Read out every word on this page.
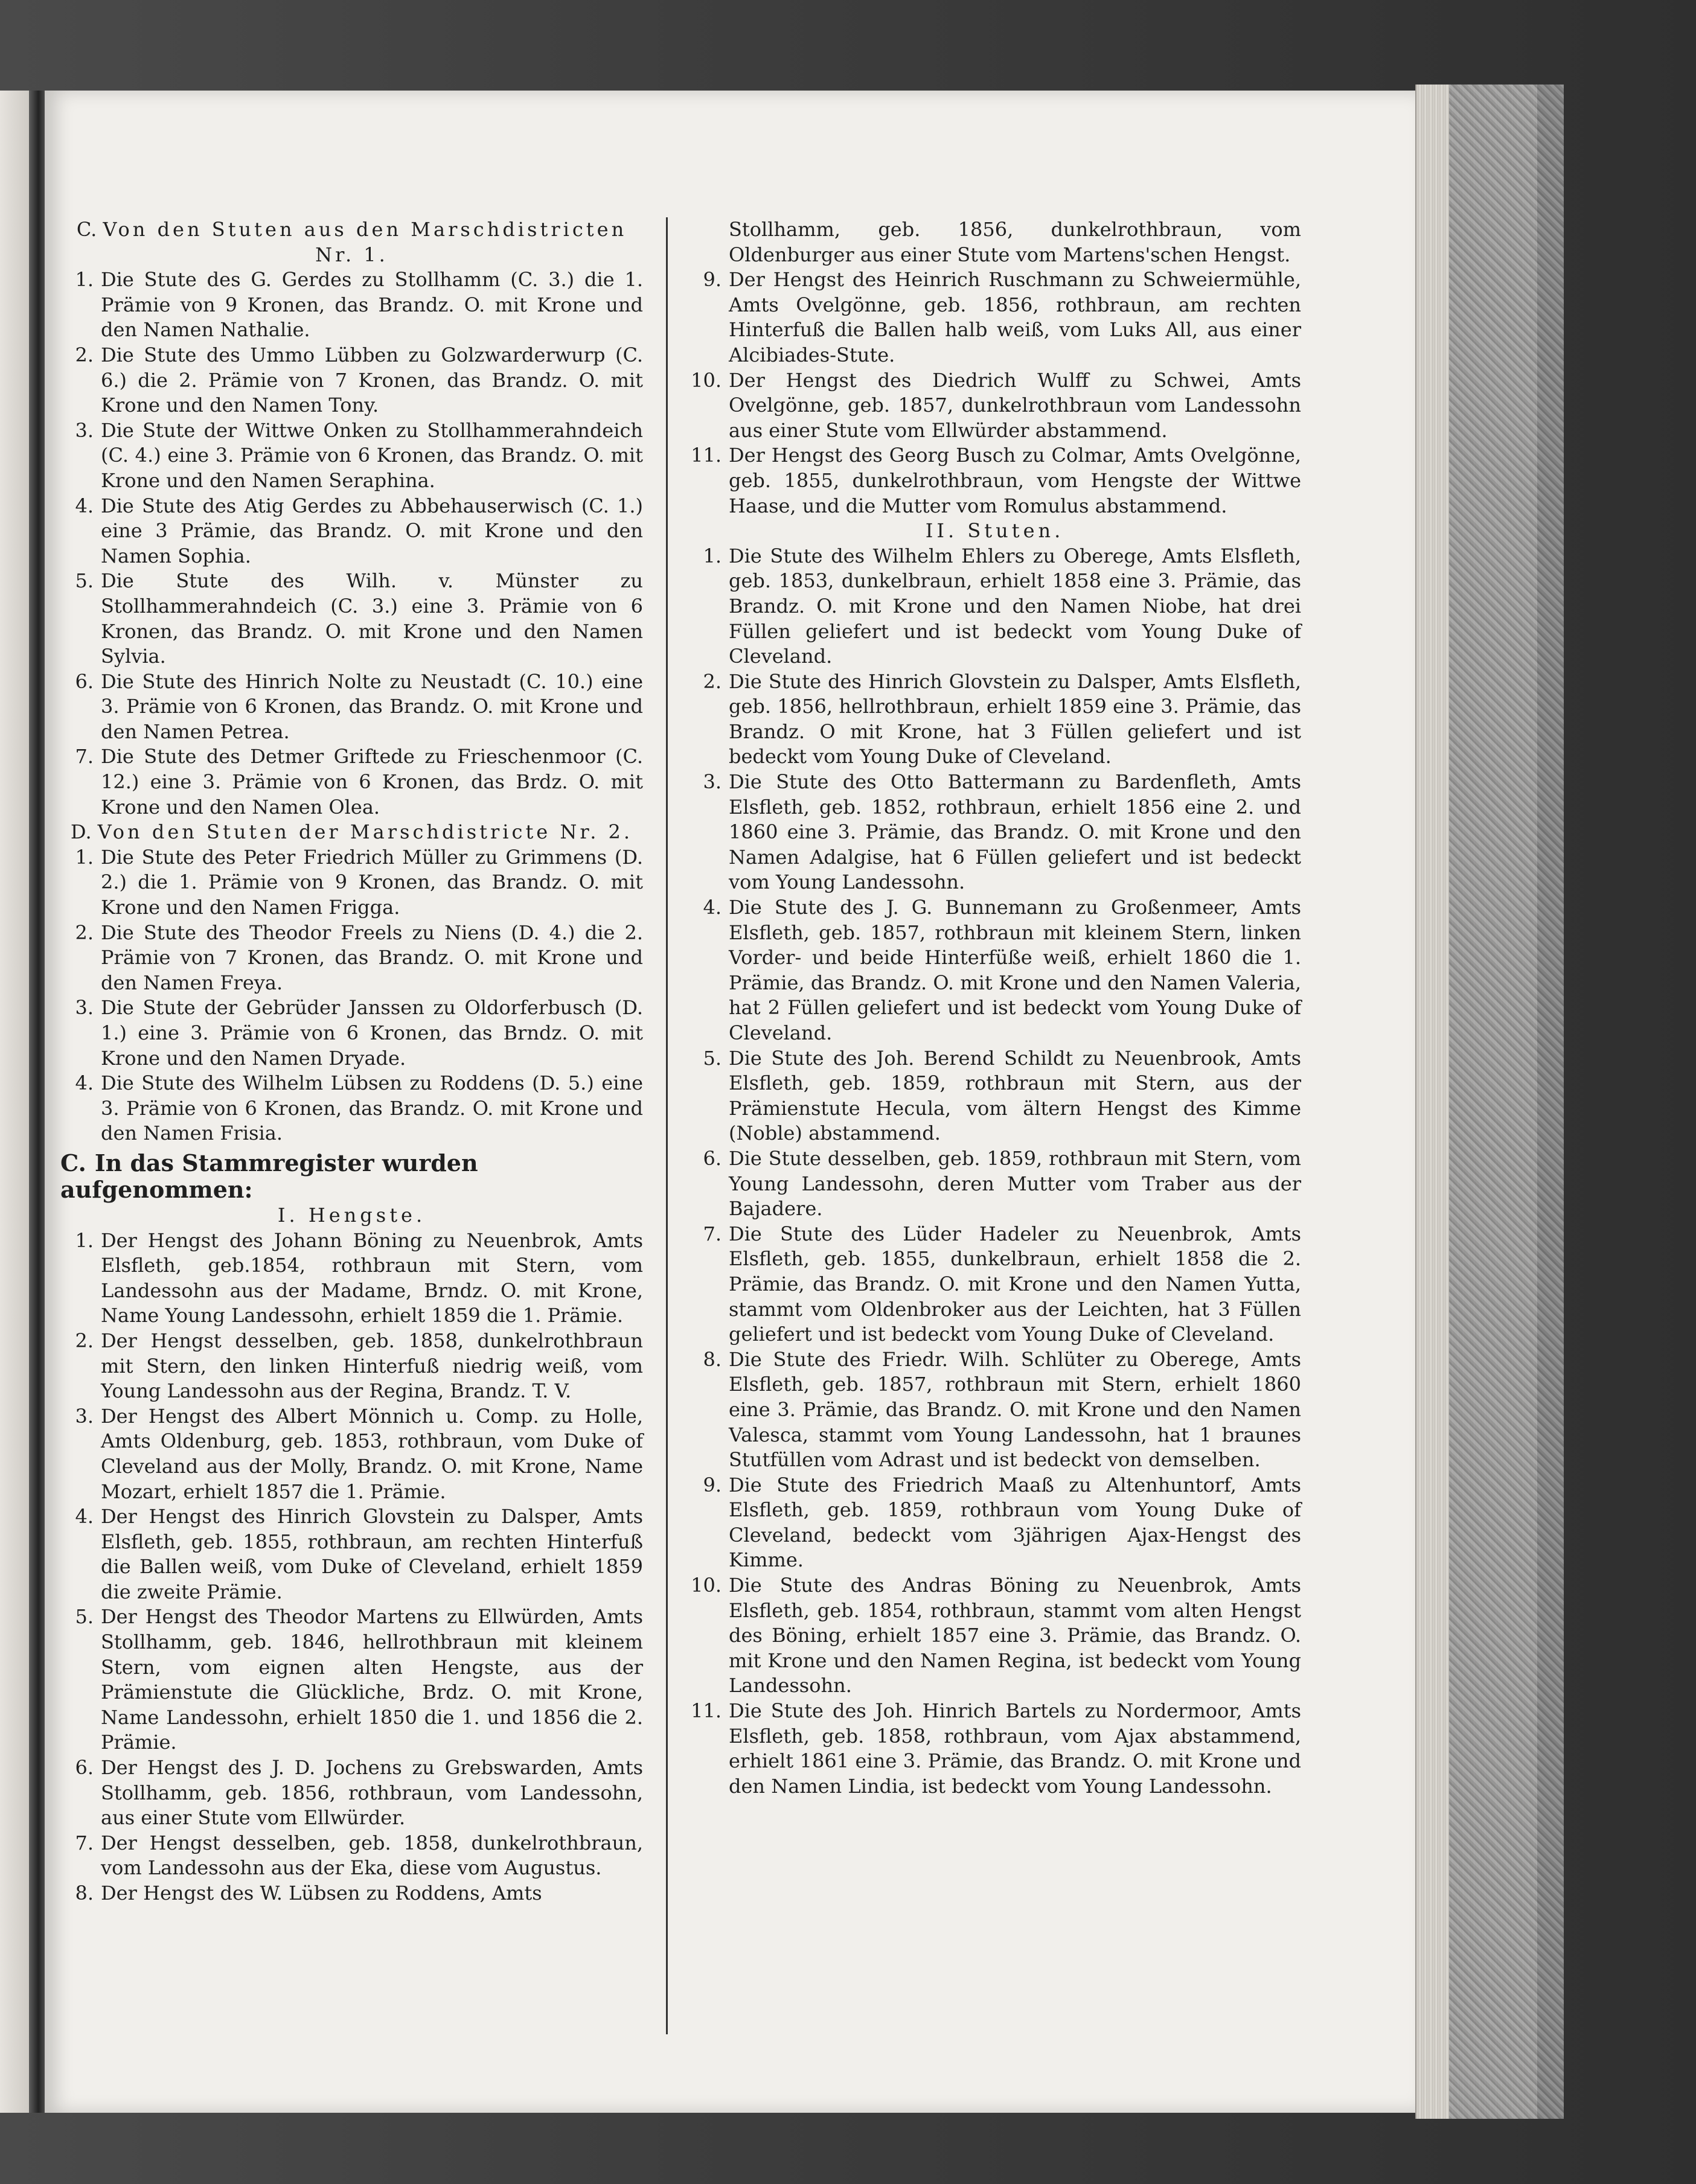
C. Von den Stuten aus den Marschdistricten Nr. 1.
1. Die Stute des G. Gerdes zu Stollhamm (C. 3.) die 1. Prämie von 9 Kronen, das Brandz. O. mit Krone und den Namen Nathalie.
2. Die Stute des Ummo Lübben zu Golzwarderwurp (C. 6.) die 2. Prämie von 7 Kronen, das Brandz. O. mit Krone und den Namen Tony.
3. Die Stute der Wittwe Onken zu Stollhammerahndeich (C. 4.) eine 3. Prämie von 6 Kronen, das Brandz. O. mit Krone und den Namen Seraphina.
4. Die Stute des Atig Gerdes zu Abbehauserwisch (C. 1.) eine 3 Prämie, das Brandz. O. mit Krone und den Namen Sophia.
5. Die Stute des Wilh. v. Münster zu Stollhammerahndeich (C. 3.) eine 3. Prämie von 6 Kronen, das Brandz. O. mit Krone und den Namen Sylvia.
6. Die Stute des Hinrich Nolte zu Neustadt (C. 10.) eine 3. Prämie von 6 Kronen, das Brandz. O. mit Krone und den Namen Petrea.
7. Die Stute des Detmer Griftede zu Frieschenmoor (C. 12.) eine 3. Prämie von 6 Kronen, das Brdz. O. mit Krone und den Namen Olea.
D. Von den Stuten der Marschdistricte Nr. 2.
1. Die Stute des Peter Friedrich Müller zu Grimmens (D. 2.) die 1. Prämie von 9 Kronen, das Brandz. O. mit Krone und den Namen Frigga.
2. Die Stute des Theodor Freels zu Niens (D. 4.) die 2. Prämie von 7 Kronen, das Brandz. O. mit Krone und den Namen Freya.
3. Die Stute der Gebrüder Janssen zu Oldorferbusch (D. 1.) eine 3. Prämie von 6 Kronen, das Brndz. O. mit Krone und den Namen Dryade.
4. Die Stute des Wilhelm Lübsen zu Roddens (D. 5.) eine 3. Prämie von 6 Kronen, das Brandz. O. mit Krone und den Namen Frisia.
C. In das Stammregister wurden aufgenommen:
I. Hengste.
1. Der Hengst des Johann Böning zu Neuenbrok, Amts Elsfleth, geb.1854, rothbraun mit Stern, vom Landessohn aus der Madame, Brndz. O. mit Krone, Name Young Landessohn, erhielt 1859 die 1. Prämie.
2. Der Hengst desselben, geb. 1858, dunkelrothbraun mit Stern, den linken Hinterfuß niedrig weiß, vom Young Landessohn aus der Regina, Brandz. T. V.
3. Der Hengst des Albert Mönnich u. Comp. zu Holle, Amts Oldenburg, geb. 1853, rothbraun, vom Duke of Cleveland aus der Molly, Brandz. O. mit Krone, Name Mozart, erhielt 1857 die 1. Prämie.
4. Der Hengst des Hinrich Glovstein zu Dalsper, Amts Elsfleth, geb. 1855, rothbraun, am rechten Hinterfuß die Ballen weiß, vom Duke of Cleveland, erhielt 1859 die zweite Prämie.
5. Der Hengst des Theodor Martens zu Ellwürden, Amts Stollhamm, geb. 1846, hellrothbraun mit kleinem Stern, vom eignen alten Hengste, aus der Prämienstute die Glückliche, Brdz. O. mit Krone, Name Landessohn, erhielt 1850 die 1. und 1856 die 2. Prämie.
6. Der Hengst des J. D. Jochens zu Grebswarden, Amts Stollhamm, geb. 1856, rothbraun, vom Landessohn, aus einer Stute vom Ellwürder.
7. Der Hengst desselben, geb. 1858, dunkelrothbraun, vom Landessohn aus der Eka, diese vom Augustus.
8. Der Hengst des W. Lübsen zu Roddens, Amts
Stollhamm, geb. 1856, dunkelrothbraun, vom Oldenburger aus einer Stute vom Martens'schen Hengst.
9. Der Hengst des Heinrich Ruschmann zu Schweiermühle, Amts Ovelgönne, geb. 1856, rothbraun, am rechten Hinterfuß die Ballen halb weiß, vom Luks All, aus einer Alcibiades-Stute.
10. Der Hengst des Diedrich Wulff zu Schwei, Amts Ovelgönne, geb. 1857, dunkelrothbraun vom Landessohn aus einer Stute vom Ellwürder abstammend.
11. Der Hengst des Georg Busch zu Colmar, Amts Ovelgönne, geb. 1855, dunkelrothbraun, vom Hengste der Wittwe Haase, und die Mutter vom Romulus abstammend.
II. Stuten.
1. Die Stute des Wilhelm Ehlers zu Oberege, Amts Elsfleth, geb. 1853, dunkelbraun, erhielt 1858 eine 3. Prämie, das Brandz. O. mit Krone und den Namen Niobe, hat drei Füllen geliefert und ist bedeckt vom Young Duke of Cleveland.
2. Die Stute des Hinrich Glovstein zu Dalsper, Amts Elsfleth, geb. 1856, hellrothbraun, erhielt 1859 eine 3. Prämie, das Brandz. O mit Krone, hat 3 Füllen geliefert und ist bedeckt vom Young Duke of Cleveland.
3. Die Stute des Otto Battermann zu Bardenfleth, Amts Elsfleth, geb. 1852, rothbraun, erhielt 1856 eine 2. und 1860 eine 3. Prämie, das Brandz. O. mit Krone und den Namen Adalgise, hat 6 Füllen geliefert und ist bedeckt vom Young Landessohn.
4. Die Stute des J. G. Bunnemann zu Großenmeer, Amts Elsfleth, geb. 1857, rothbraun mit kleinem Stern, linken Vorder- und beide Hinterfüße weiß, erhielt 1860 die 1. Prämie, das Brandz. O. mit Krone und den Namen Valeria, hat 2 Füllen geliefert und ist bedeckt vom Young Duke of Cleveland.
5. Die Stute des Joh. Berend Schildt zu Neuenbrook, Amts Elsfleth, geb. 1859, rothbraun mit Stern, aus der Prämienstute Hecula, vom ältern Hengst des Kimme (Noble) abstammend.
6. Die Stute desselben, geb. 1859, rothbraun mit Stern, vom Young Landessohn, deren Mutter vom Traber aus der Bajadere.
7. Die Stute des Lüder Hadeler zu Neuenbrok, Amts Elsfleth, geb. 1855, dunkelbraun, erhielt 1858 die 2. Prämie, das Brandz. O. mit Krone und den Namen Yutta, stammt vom Oldenbroker aus der Leichten, hat 3 Füllen geliefert und ist bedeckt vom Young Duke of Cleveland.
8. Die Stute des Friedr. Wilh. Schlüter zu Oberege, Amts Elsfleth, geb. 1857, rothbraun mit Stern, erhielt 1860 eine 3. Prämie, das Brandz. O. mit Krone und den Namen Valesca, stammt vom Young Landessohn, hat 1 braunes Stutfüllen vom Adrast und ist bedeckt von demselben.
9. Die Stute des Friedrich Maaß zu Altenhuntorf, Amts Elsfleth, geb. 1859, rothbraun vom Young Duke of Cleveland, bedeckt vom 3jährigen Ajax-Hengst des Kimme.
10. Die Stute des Andras Böning zu Neuenbrok, Amts Elsfleth, geb. 1854, rothbraun, stammt vom alten Hengst des Böning, erhielt 1857 eine 3. Prämie, das Brandz. O. mit Krone und den Namen Regina, ist bedeckt vom Young Landessohn.
11. Die Stute des Joh. Hinrich Bartels zu Nordermoor, Amts Elsfleth, geb. 1858, rothbraun, vom Ajax abstammend, erhielt 1861 eine 3. Prämie, das Brandz. O. mit Krone und den Namen Lindia, ist bedeckt vom Young Landessohn.
